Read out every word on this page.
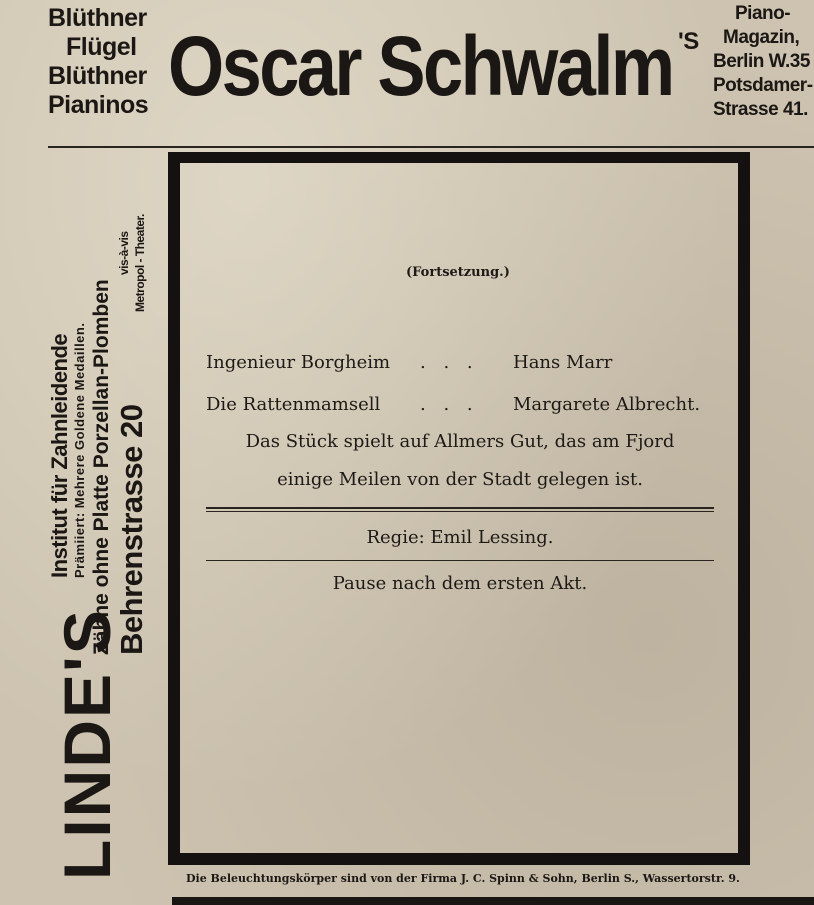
Blüthner
Flügel
Blüthner
Pianinos Oscar Schwalm 'S
Piano-
Magazin,
Berlin W.35
Potsdamer-
Strasse 41.
LINDE'S
Institut für Zahnleidende Prämiiert: Mehrere Goldene Medaillen. Zähne ohne Platte Porzellan-Plomben Behrenstrasse 20
vis-à-vis Metropol - Theater.	(Fortsetzung.)
Ingenieur Borgheim . . . Hans Marr
Die Rattenmamsell . . . Margarete Albrecht.
Das Stück spielt auf Allmers Gut, das am Fjord
einige Meilen von der Stadt gelegen ist.
Regie: Emil Lessing.
Pause nach dem ersten Akt.
Die Beleuchtungskörper sind von der Firma J. C. Spinn & Sohn, Berlin S., Wassertorstr. 9.
